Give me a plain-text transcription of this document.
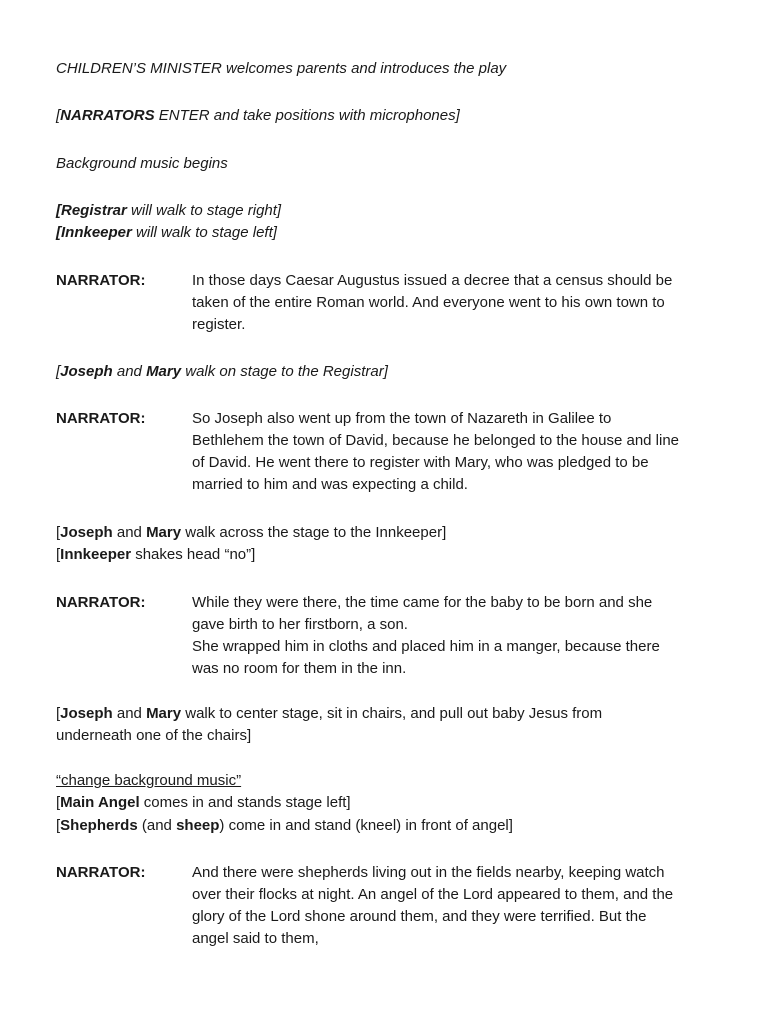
CHILDREN’S MINISTER welcomes parents and introduces the play
[NARRATORS ENTER and take positions with microphones]
Background music begins
[Registrar will walk to stage right]
[Innkeeper will walk to stage left]
NARRATOR:	In those days Caesar Augustus issued a decree that a census should be
taken of the entire Roman world. And everyone went to his own town to
register.
[Joseph and Mary walk on stage to the Registrar]
NARRATOR:	So Joseph also went up from the town of Nazareth in Galilee to
Bethlehem the town of David, because he belonged to the house and line
of David. He went there to register with Mary, who was pledged to be
married to him and was expecting a child.
[Joseph and Mary walk across the stage to the Innkeeper]
[Innkeeper shakes head “no”]
NARRATOR:	While they were there, the time came for the baby to be born and she
gave birth to her firstborn, a son.
She wrapped him in cloths and placed him in a manger, because there
was no room for them in the inn.
[Joseph and Mary walk to center stage, sit in chairs, and pull out baby Jesus from
underneath one of the chairs]
“change background music”
[Main Angel comes in and stands stage left]
[Shepherds (and sheep) come in and stand (kneel) in front of angel]
NARRATOR:	And there were shepherds living out in the fields nearby, keeping watch
over their flocks at night. An angel of the Lord appeared to them, and the
glory of the Lord shone around them, and they were terrified. But the
angel said to them,
